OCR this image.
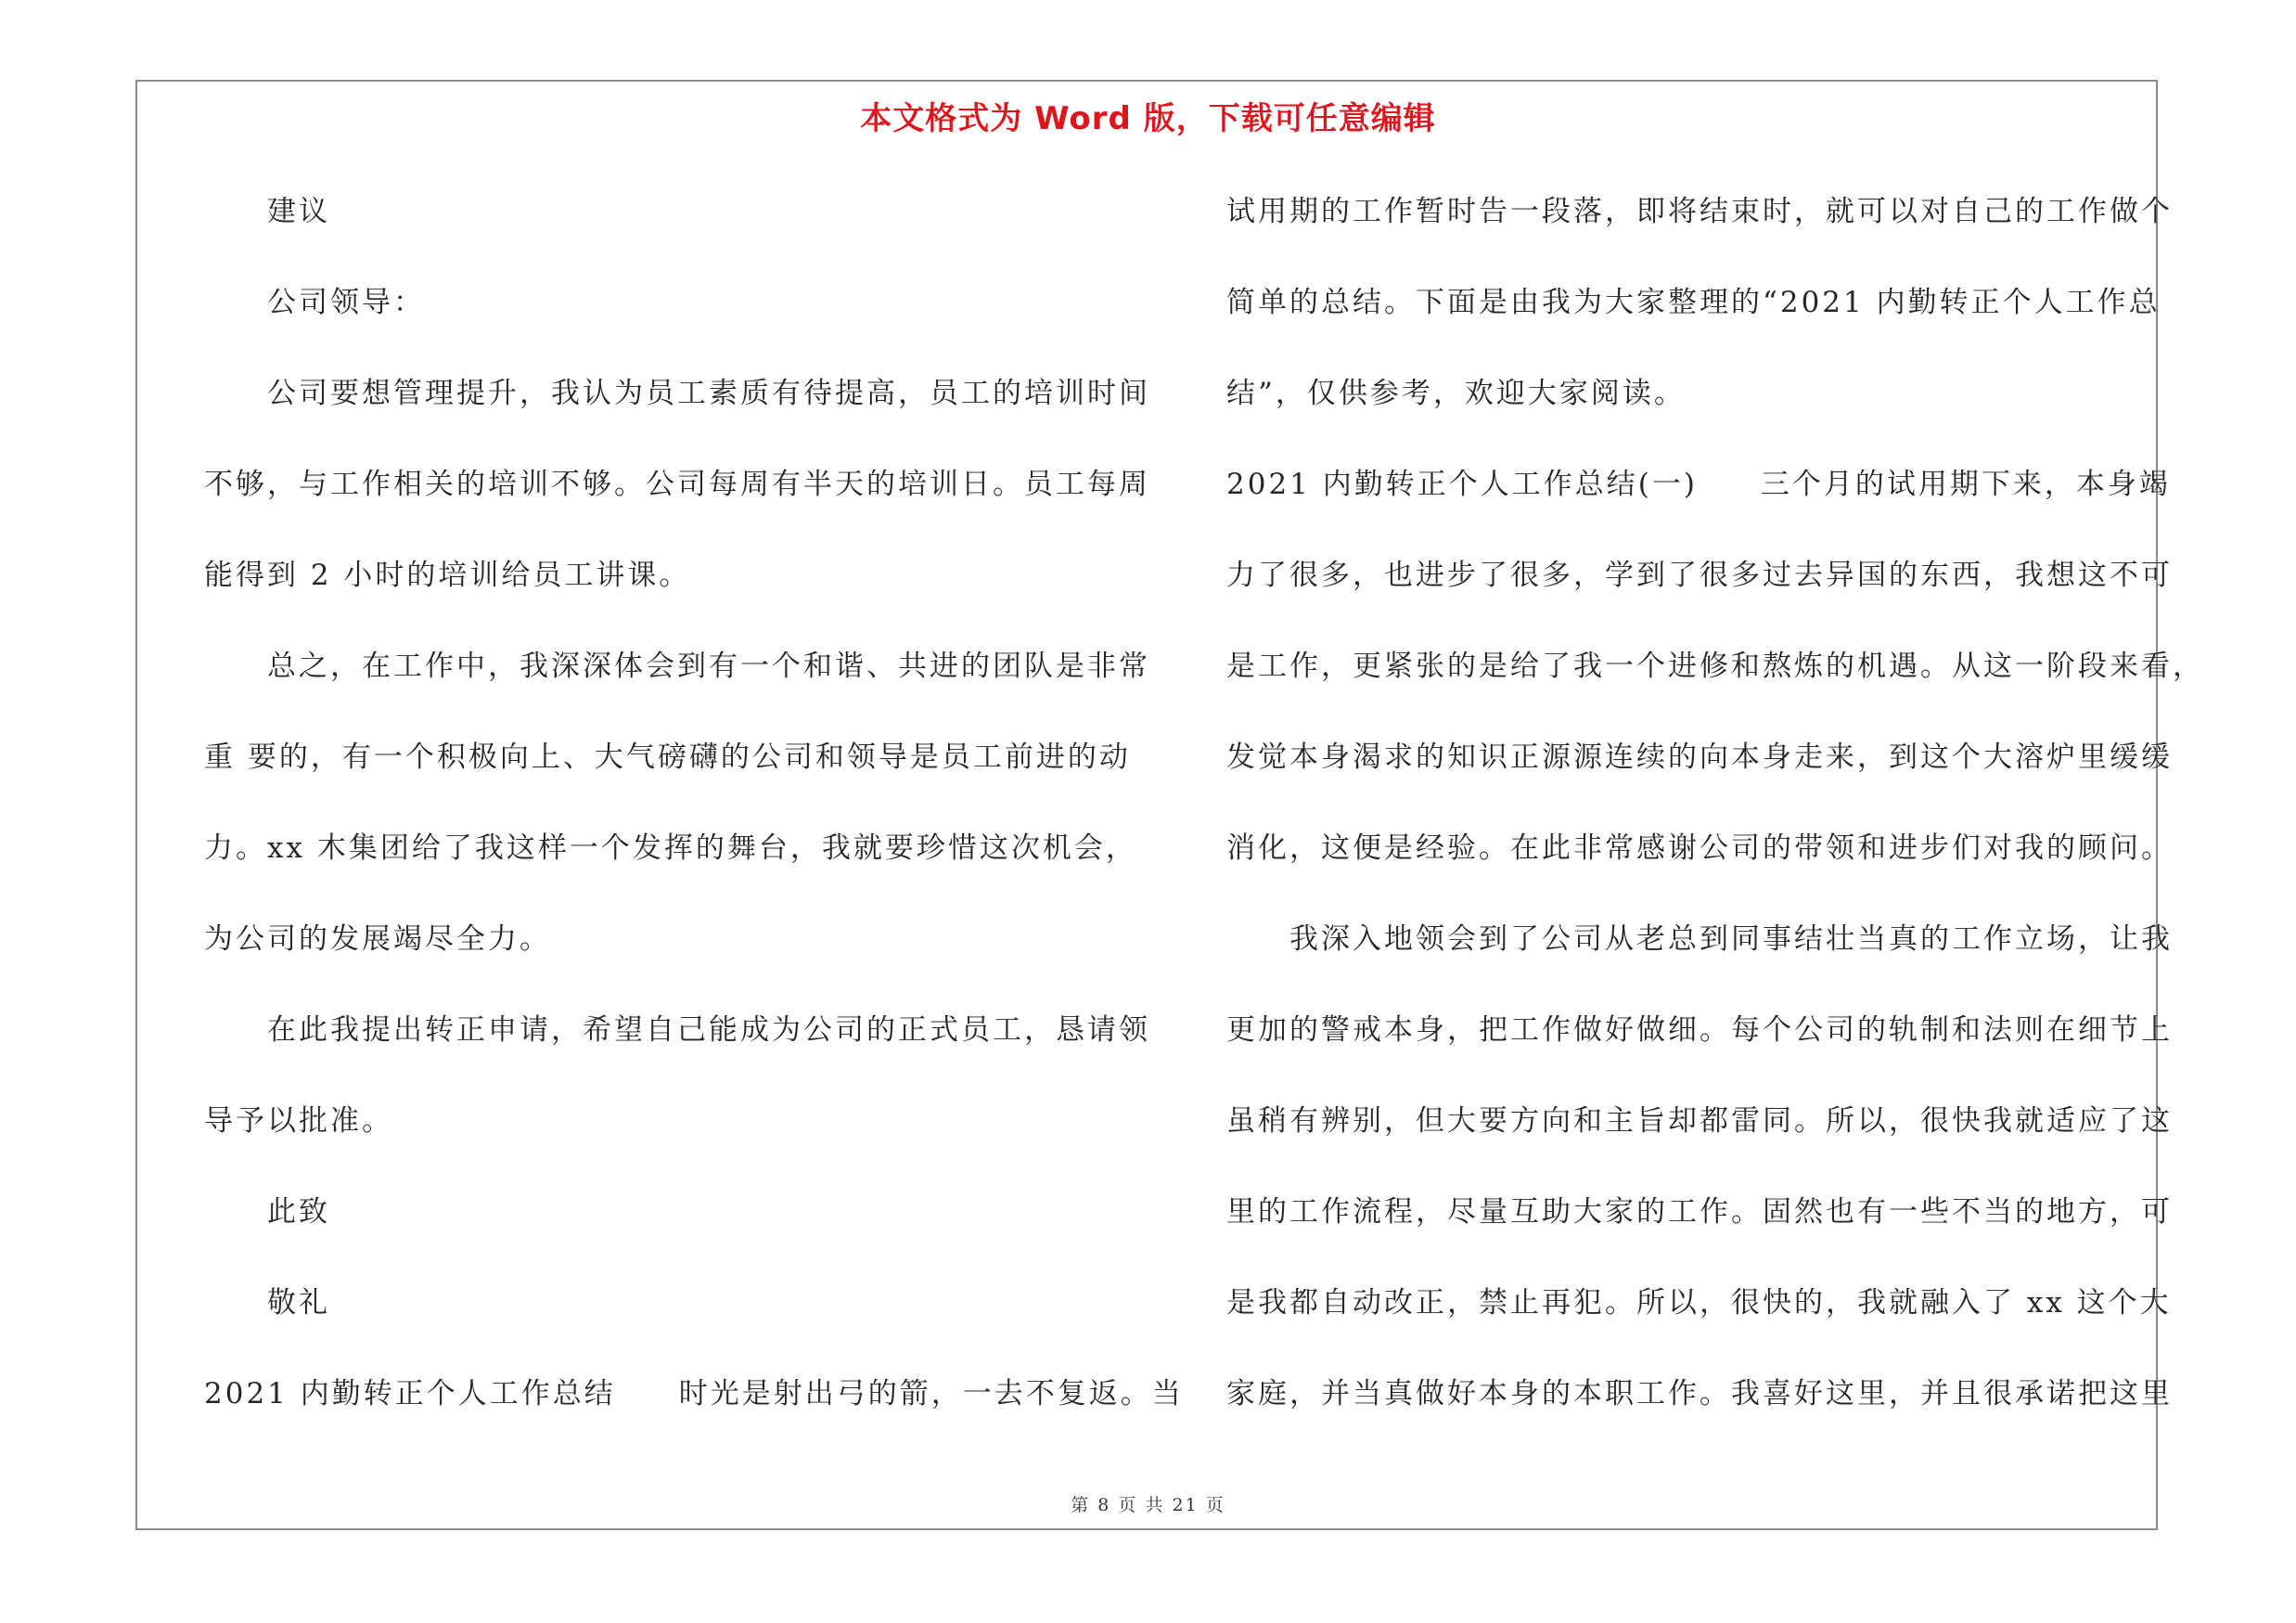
本文格式为 Word 版，下载可任意编辑
建议
公司领导：
公司要想管理提升，我认为员工素质有待提高，员工的培训时间
不够，与工作相关的培训不够。公司每周有半天的培训日。员工每周
能得到 2 小时的培训给员工讲课。
总之，在工作中，我深深体会到有一个和谐、共进的团队是非常
重 要的，有一个积极向上、大气磅礴的公司和领导是员工前进的动
力。xx 木集团给了我这样一个发挥的舞台，我就要珍惜这次机会，
为公司的发展竭尽全力。
在此我提出转正申请，希望自己能成为公司的正式员工，恳请领
导予以批准。
此致
敬礼
2021 内勤转正个人工作总结　　时光是射出弓的箭，一去不复返。当
试用期的工作暂时告一段落，即将结束时，就可以对自己的工作做个
简单的总结。下面是由我为大家整理的“2021 内勤转正个人工作总
结”，仅供参考，欢迎大家阅读。
2021 内勤转正个人工作总结(一)　　三个月的试用期下来，本身竭
力了很多，也进步了很多，学到了很多过去异国的东西，我想这不可
是工作，更紧张的是给了我一个进修和熬炼的机遇。从这一阶段来看，
发觉本身渴求的知识正源源连续的向本身走来，到这个大溶炉里缓缓
消化，这便是经验。在此非常感谢公司的带领和进步们对我的顾问。
我深入地领会到了公司从老总到同事结壮当真的工作立场，让我
更加的警戒本身，把工作做好做细。每个公司的轨制和法则在细节上
虽稍有辨别，但大要方向和主旨却都雷同。所以，很快我就适应了这
里的工作流程，尽量互助大家的工作。固然也有一些不当的地方，可
是我都自动改正，禁止再犯。所以，很快的，我就融入了 xx 这个大
家庭，并当真做好本身的本职工作。我喜好这里，并且很承诺把这里
第 8 页 共 21 页
